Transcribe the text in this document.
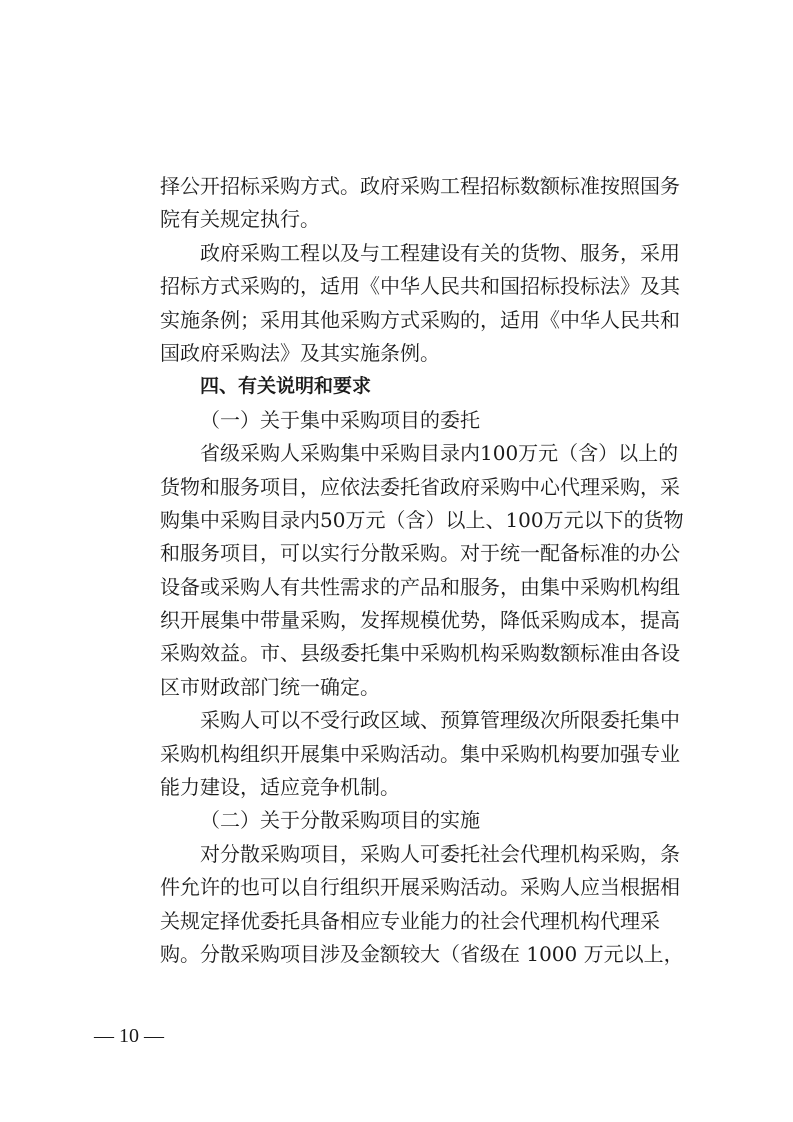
择公开招标采购方式。政府采购工程招标数额标准按照国务
院有关规定执行。
政府采购工程以及与工程建设有关的货物、服务，采用
招标方式采购的，适用《中华人民共和国招标投标法》及其
实施条例；采用其他采购方式采购的，适用《中华人民共和
国政府采购法》及其实施条例。
四、有关说明和要求
（一）关于集中采购项目的委托
省级采购人采购集中采购目录内100万元（含）以上的
货物和服务项目，应依法委托省政府采购中心代理采购，采
购集中采购目录内50万元（含）以上、100万元以下的货物
和服务项目，可以实行分散采购。对于统一配备标准的办公
设备或采购人有共性需求的产品和服务，由集中采购机构组
织开展集中带量采购，发挥规模优势，降低采购成本，提高
采购效益。市、县级委托集中采购机构采购数额标准由各设
区市财政部门统一确定。
采购人可以不受行政区域、预算管理级次所限委托集中
采购机构组织开展集中采购活动。集中采购机构要加强专业
能力建设，适应竞争机制。
（二）关于分散采购项目的实施
对分散采购项目，采购人可委托社会代理机构采购，条
件允许的也可以自行组织开展采购活动。采购人应当根据相
关规定择优委托具备相应专业能力的社会代理机构代理采
购。分散采购项目涉及金额较大（省级在 1000 万元以上，
— 10 —
